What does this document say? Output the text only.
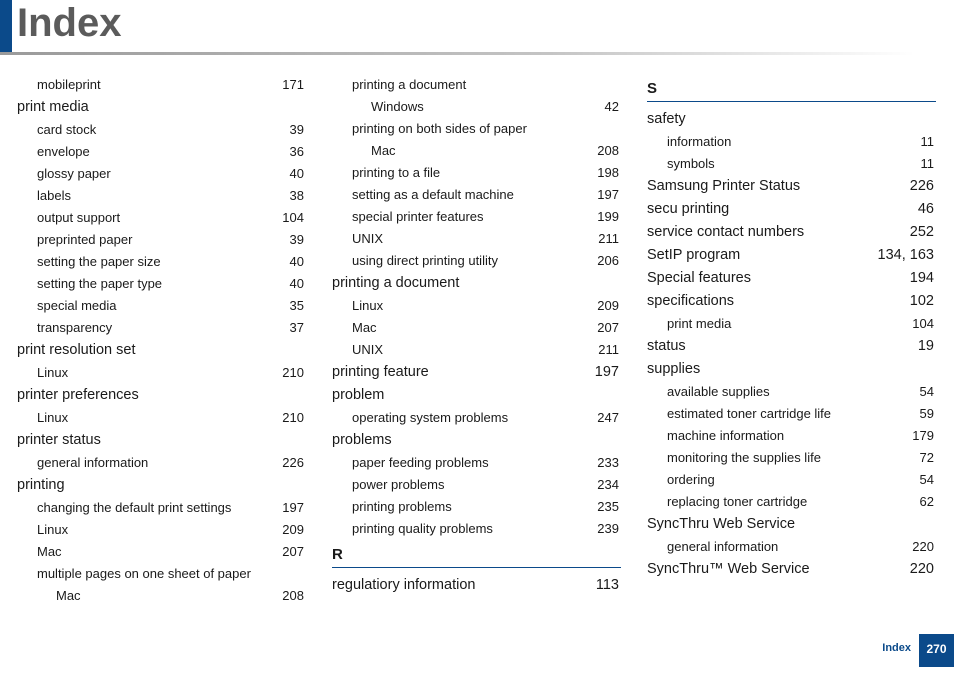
Index
mobileprint	171
print media
card stock	39
envelope	36
glossy paper	40
labels	38
output support	104
preprinted paper	39
setting the paper size	40
setting the paper type	40
special media	35
transparency	37
print resolution set
Linux	210
printer preferences
Linux	210
printer status
general information	226
printing
changing the default print settings	197
Linux	209
Mac	207
multiple pages on one sheet of paper
Mac	208
printing a document
Windows	42
printing on both sides of paper
Mac	208
printing to a file	198
setting as a default machine	197
special printer features	199
UNIX	211
using direct printing utility	206
printing a document
Linux	209
Mac	207
UNIX	211
printing feature	197
problem
operating system problems	247
problems
paper feeding problems	233
power problems	234
printing problems	235
printing quality problems	239
R
regulatiory information	113
S
safety
information	11
symbols	11
Samsung Printer Status	226
secu printing	46
service contact numbers	252
SetIP program	134, 163
Special features	194
specifications	102
print media	104
status	19
supplies
available supplies	54
estimated toner cartridge life	59
machine information	179
monitoring the supplies life	72
ordering	54
replacing toner cartridge	62
SyncThru Web Service
general information	220
SyncThru™ Web Service	220
Index	270
